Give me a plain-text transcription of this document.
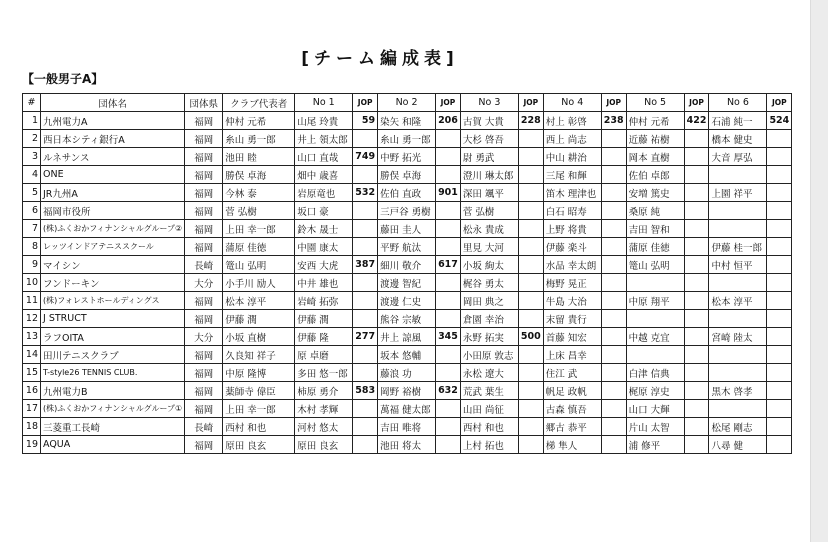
[チーム編成表]
【一般男子A】
#	団体名	団体県	クラブ代表者	No 1	JOP	No 2	JOP	No 3	JOP	No 4	JOP	No 5	JOP	No 6	JOP
1	九州電力A	福岡	仲村 元希	山尾 玲貴	59	染矢 和隆	206	古賀 大貴	228	村上 彰啓	238	仲村 元希	422	石浦 純一	524
2	西日本シティ銀行A	福岡	糸山 勇一郎	井上 領太郎		糸山 勇一郎		大杉 啓吾		西上 尚志		近藤 祐樹		橋本 健史	
3	ルネサンス	福岡	池田 睦	山口 直哉	749	中野 拓光		尉 勇武		中山 耕治		岡本 直樹		大音 厚弘	
4	ONE	福岡	勝俣 卓海	畑中 歳喜		勝俣 卓海		澄川 琳太郎		三尾 和輝		佐伯 卓郎			
5	JR九州A	福岡	今林 泰	岩原竜也	532	佐伯 直政	901	深田 颯平		笛木 理津也		安増 篤史		上園 祥平	
6	福岡市役所	福岡	菅 弘樹	坂口 豪		三戸谷 勇樹		菅 弘樹		白石 昭寿		桑原 純			
7	(株)ふくおかフィナンシャルグループ②	福岡	上田 幸一郎	鈴木 晟士		藤田 圭人		松永 貴成		上野 将貴		吉田 智和			
8	レッツインドアテニススクール	福岡	蒲原 佳徳	中園 康太		平野 航汰		里見 大河		伊藤 楽斗		蒲原 佳徳		伊藤 桂一郎	
9	マイシン	長崎	篭山 弘明	安西 大虎	387	細川 敬介	617	小坂 絢太		水品 幸太朗		篭山 弘明		中村 恒平	
10	フンドーキン	大分	小手川 励人	中井 雄也		渡邊 智紀		梶谷 勇太		梅野 晃正					
11	(株)フォレストホールディングス	福岡	松本 淳平	岩崎 拓弥		渡邊 仁史		岡田 典之		牛島 大治		中原 翔平		松本 淳平	
12	J STRUCT	福岡	伊藤 潤	伊藤 潤		熊谷 宗敏		倉園 幸治		末留 貴行					
13	ラフOITA	大分	小坂 直樹	伊藤 隆	277	井上 諒風	345	永野 拓実	500	首藤 知宏		中越 克宜		宮崎 陸太	
14	田川テニスクラブ	福岡	久良知 祥子	原 卓磨		坂本 悠輔		小田原 敦志		上床 昌幸					
15	T-style26 TENNIS CLUB.	福岡	中原 隆博	多田 悠一郎		藤浪 功		永松 遼大		住江 武		白津 信典			
16	九州電力B	福岡	薬師寺 偉臣	柿原 勇介	583	岡野 裕樹	632	荒武 葉生		帆足 政帆		梶原 淳史		黒木 啓孝	
17	(株)ふくおかフィナンシャルグループ①	福岡	上田 幸一郎	木村 孝輝		萬福 健太郎		山田 尚征		古森 慎吾		山口 大輝			
18	三菱重工長崎	長崎	西村 和也	河村 悠太		吉田 唯将		西村 和也		郷古 恭平		片山 太智		松尾 剛志	
19	AQUA	福岡	原田 良玄	原田 良玄		池田 将太		上村 拓也		梯 隼人		浦 修平		八尋 健	
